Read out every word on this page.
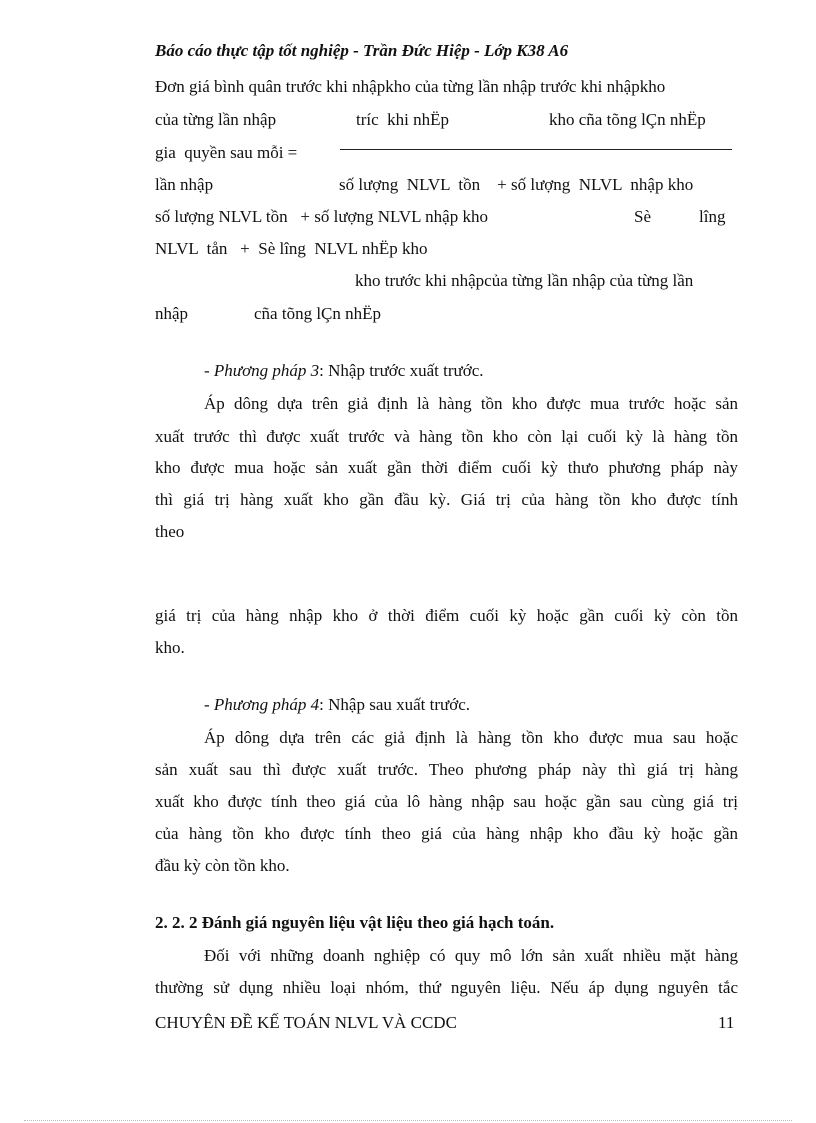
Báo cáo thực tập tốt nghiệp - Trần Đức Hiệp - Lớp K38 A6
Đơn giá bình quân trước khi nhậpkho của từng lần nhập trước khi nhậpkho
của từng lần nhập	tríc  khi nhËp	kho cña tõng lÇn nhËp
gia  quyền sau mỗi =
lần nhập	số lượng  NLVL  tồn    + số lượng  NLVL  nhập kho
số lượng NLVL tồn   + số lượng NLVL nhập kho	Sè	lîng
NLVL  tån   +  Sè lîng  NLVL nhËp kho
kho trước khi nhậpcủa từng lần nhập của từng lần
nhập	cña tõng lÇn nhËp
- Phương pháp 3: Nhập trước xuất trước.
Áp dông dựa trên giả định là hàng tồn kho được mua trước hoặc sản
xuất trước thì được xuất trước và hàng tồn kho còn lại cuối kỳ là hàng tồn
kho được mua hoặc sản xuất gần thời điểm cuối kỳ thưo phương pháp này
thì giá trị hàng xuất kho gần đầu kỳ. Giá trị của hàng tồn kho được tính
theo
giá trị của hàng nhập kho ở thời điểm cuối kỳ hoặc gần cuối kỳ còn tồn
kho.
- Phương pháp 4: Nhập sau xuất trước.
Áp dông dựa trên các giả định là hàng tồn kho được mua sau hoặc
sản xuất sau thì được xuất trước. Theo phương pháp này thì giá trị hàng
xuất kho được tính theo giá của lô hàng nhập sau hoặc gần sau cùng giá trị
của hàng tồn kho được tính theo giá của hàng nhập kho đầu kỳ hoặc gần
đầu kỳ còn tồn kho.
2. 2. 2 Đánh giá nguyên liệu vật liệu theo giá hạch toán.
Đối với những doanh nghiệp có quy mô lớn sản xuất nhiều mặt hàng
thường sử dụng nhiều loại nhóm, thứ nguyên liệu. Nếu áp dụng nguyên tắc
CHUYÊN ĐỀ KẾ TOÁN NLVL VÀ CCDC	11
